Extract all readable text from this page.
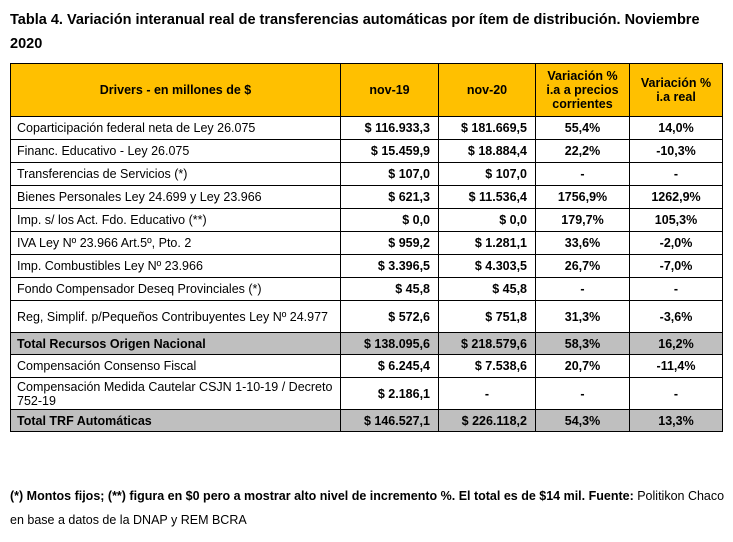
Tabla 4. Variación interanual real de transferencias automáticas por ítem de distribución. Noviembre 2020
Drivers - en millones de $	nov-19	nov-20	Variación % i.a a precios corrientes	Variación % i.a real
Coparticipación federal neta de Ley 26.075	$ 116.933,3	$ 181.669,5	55,4%	14,0%
Financ. Educativo - Ley 26.075	$ 15.459,9	$ 18.884,4	22,2%	-10,3%
Transferencias de Servicios (*)	$ 107,0	$ 107,0	-	-
Bienes Personales Ley 24.699 y Ley 23.966	$ 621,3	$ 11.536,4	1756,9%	1262,9%
Imp. s/ los Act. Fdo. Educativo (**)	$ 0,0	$ 0,0	179,7%	105,3%
IVA Ley Nº 23.966 Art.5º, Pto. 2	$ 959,2	$ 1.281,1	33,6%	-2,0%
Imp. Combustibles Ley Nº 23.966	$ 3.396,5	$ 4.303,5	26,7%	-7,0%
Fondo Compensador Deseq Provinciales (*)	$ 45,8	$ 45,8	-	-
Reg, Simplif. p/Pequeños Contribuyentes Ley Nº 24.977	$ 572,6	$ 751,8	31,3%	-3,6%
Total Recursos Origen Nacional	$ 138.095,6	$ 218.579,6	58,3%	16,2%
Compensación Consenso Fiscal	$ 6.245,4	$ 7.538,6	20,7%	-11,4%
Compensación Medida Cautelar CSJN 1-10-19 / Decreto 752-19	$ 2.186,1	-	-	-
Total TRF Automáticas	$ 146.527,1	$ 226.118,2	54,3%	13,3%
(*) Montos fijos; (**) figura en $0 pero a mostrar alto nivel de incremento %. El total es de $14 mil. Fuente: Politikon Chaco en base a datos de la DNAP y REM BCRA
